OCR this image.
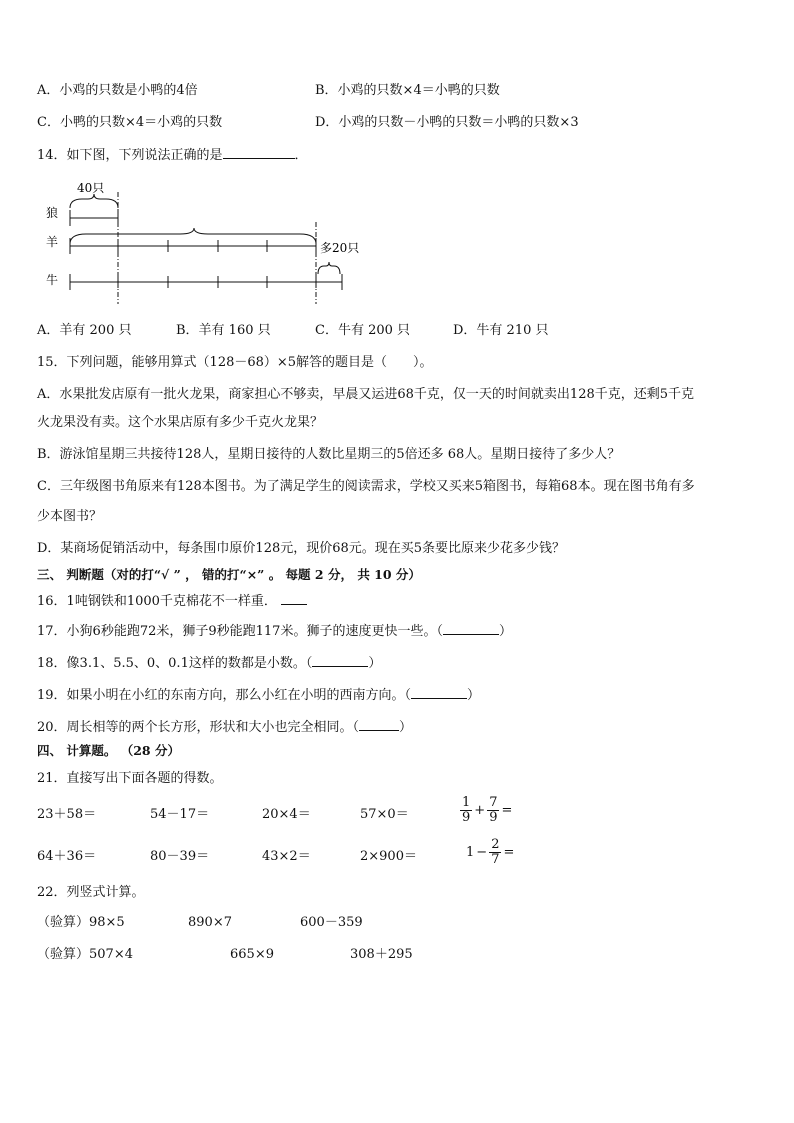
A．小鸡的只数是小鸭的4倍	B．小鸡的只数×4＝小鸭的只数
C．小鸭的只数×4＝小鸡的只数	D．小鸡的只数－小鸭的只数＝小鸭的只数×3
14．如下图，下列说法正确的是	．
狼
羊
牛
40只
多20只
A．羊有 200 只	B．羊有 160 只	C．牛有 200 只	D．牛有 210 只
15．下列问题，能够用算式（128－68）×5解答的题目是（　　）。
A．水果批发店原有一批火龙果，商家担心不够卖，早晨又运进68千克，仅一天的时间就卖出128千克，还剩5千克
火龙果没有卖。这个水果店原有多少千克火龙果？
B．游泳馆星期三共接待128人，星期日接待的人数比星期三的5倍还多 68人。星期日接待了多少人？
C．三年级图书角原来有128本图书。为了满足学生的阅读需求，学校又买来5箱图书，每箱68本。现在图书角有多
少本图书？
D．某商场促销活动中，每条围巾原价128元，现价68元。现在买5条要比原来少花多少钱？
三、 判断题（对的打“√ ” ， 错的打“×” 。 每题 2 分， 共 10 分）
16．1吨钢铁和1000千克棉花不一样重．
17．小狗6秒能跑72米，狮子9秒能跑117米。狮子的速度更快一些。（	）
18．像3.1、5.5、0、0.1这样的数都是小数。（	）
19．如果小明在小红的东南方向，那么小红在小明的西南方向。（	）
20．周长相等的两个长方形，形状和大小也完全相同。（	）
四、 计算题。 （28 分）
21．直接写出下面各题的得数。
23＋58＝	54－17＝	20×4＝	57×0＝	$\frac{1}{9} + \frac{7}{9}$ =
64＋36＝	80－39＝	43×2＝	2×900＝	$1 - \frac{2}{7}$ =
22．列竖式计算。
（验算）98×5	890×7	600－359
（验算）507×4	665×9	308＋295
